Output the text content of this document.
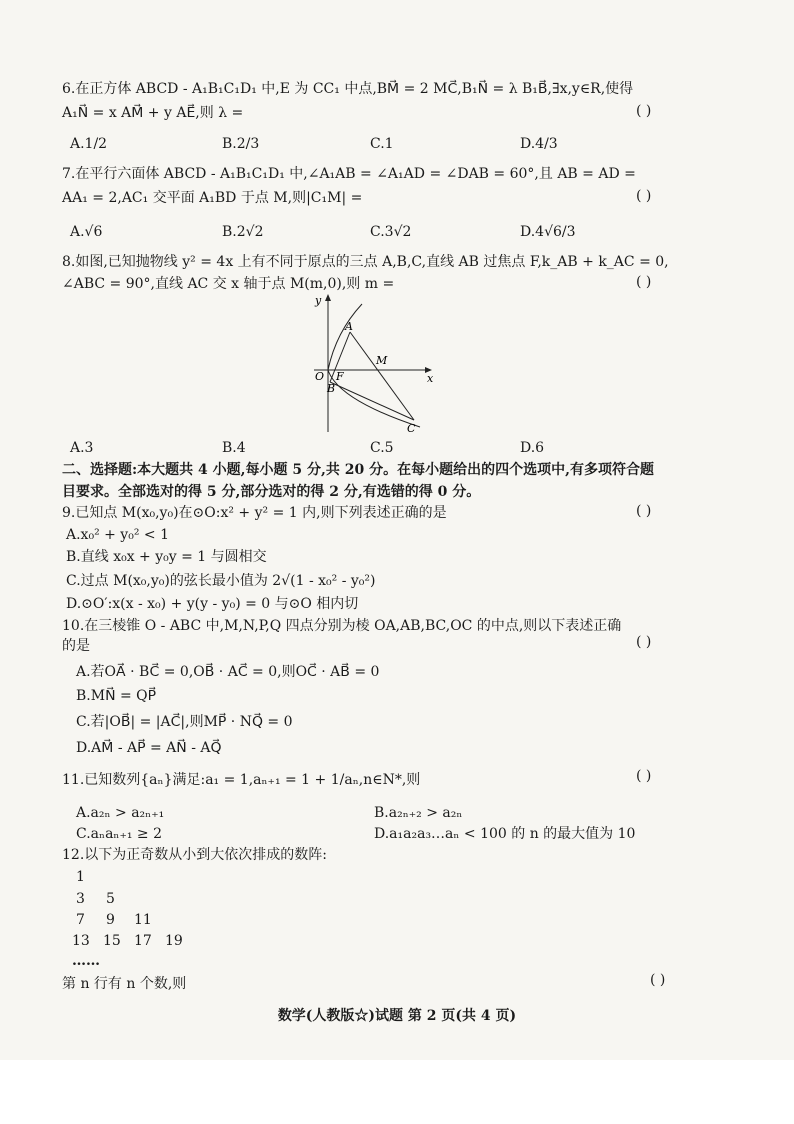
6.在正方体 ABCD - A₁B₁C₁D₁ 中,E 为 CC₁ 中点,BM⃗ = 2 MC⃗,B₁N⃗ = λ B₁B⃗,∃x,y∈R,使得
A₁N⃗ = x AM⃗ + y AE⃗,则 λ =	( )
A.1/2	B.2/3	C.1	D.4/3
7.在平行六面体 ABCD - A₁B₁C₁D₁ 中,∠A₁AB = ∠A₁AD = ∠DAB = 60°,且 AB = AD =
AA₁ = 2,AC₁ 交平面 A₁BD 于点 M,则|C₁M| =	( )
A.√6	B.2√2	C.3√2	D.4√6/3
8.如图,已知抛物线 y² = 4x 上有不同于原点的三点 A,B,C,直线 AB 过焦点 F,k_AB + k_AC = 0,
∠ABC = 90°,直线 AC 交 x 轴于点 M(m,0),则 m =	( )
y
x
O F
A
B
M
C
A.3	B.4	C.5	D.6
二、选择题:本大题共 4 小题,每小题 5 分,共 20 分。在每小题给出的四个选项中,有多项符合题
目要求。全部选对的得 5 分,部分选对的得 2 分,有选错的得 0 分。
9.已知点 M(x₀,y₀)在⊙O:x² + y² = 1 内,则下列表述正确的是	( )
A.x₀² + y₀² < 1
B.直线 x₀x + y₀y = 1 与圆相交
C.过点 M(x₀,y₀)的弦长最小值为 2√(1 - x₀² - y₀²)
D.⊙O′:x(x - x₀) + y(y - y₀) = 0 与⊙O 相内切
10.在三棱锥 O - ABC 中,M,N,P,Q 四点分别为棱 OA,AB,BC,OC 的中点,则以下表述正确
的是	( )
A.若OA⃗ · BC⃗ = 0,OB⃗ · AC⃗ = 0,则OC⃗ · AB⃗ = 0
B.MN⃗ = QP⃗
C.若|OB⃗| = |AC⃗|,则MP⃗ · NQ⃗ = 0
D.AM⃗ - AP⃗ = AN⃗ - AQ⃗
11.已知数列{aₙ}满足:a₁ = 1,aₙ₊₁ = 1 + 1/aₙ,n∈N*,则	( )
A.a₂ₙ > a₂ₙ₊₁	B.a₂ₙ₊₂ > a₂ₙ
C.aₙaₙ₊₁ ≥ 2	D.a₁a₂a₃…aₙ < 100 的 n 的最大值为 10
12.以下为正奇数从小到大依次排成的数阵:
1
3 5
7 9 11
13 15 17 19
……
第 n 行有 n 个数,则	( )
数学(人教版☆)试题 第 2 页(共 4 页)
